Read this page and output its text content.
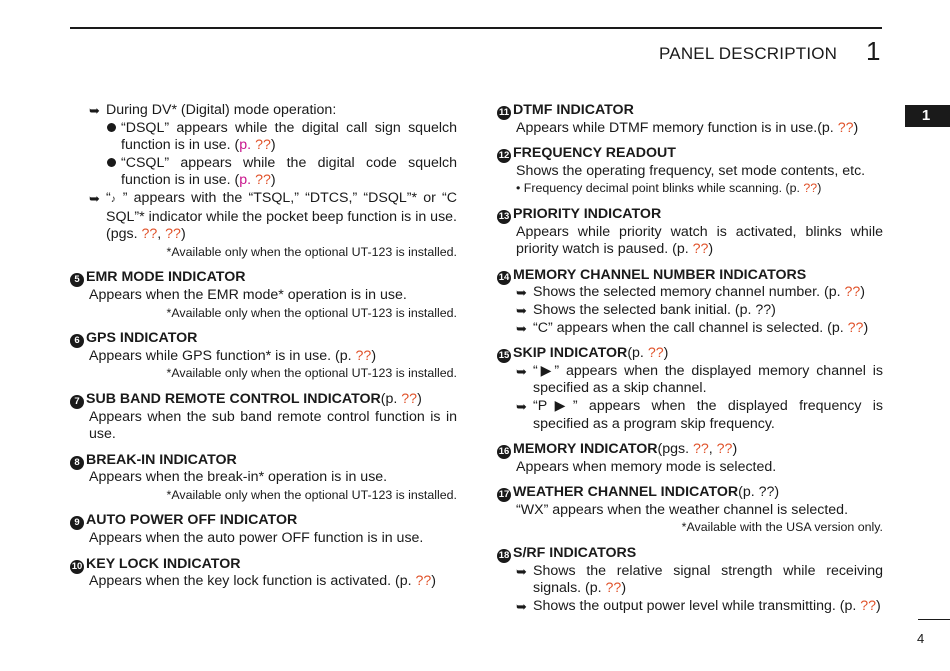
PANEL DESCRIPTION 1
1
4
➥ During DV* (Digital) mode operation:
“DSQL” appears while the digital call sign squelch function is in use. (p. ??)
“CSQL” appears while the digital code squelch function is in use. (p. ??)
➥ “♪ ” appears with the “TSQL,” “DTCS,” “DSQL”* or “C SQL”* indicator while the pocket beep function is in use. (pgs. ??, ??)
*Available only when the optional UT-123 is installed.
5 EMR MODE INDICATOR
Appears when the EMR mode* operation is in use.
*Available only when the optional UT-123 is installed.
6 GPS INDICATOR
Appears while GPS function* is in use. (p. ??)
*Available only when the optional UT-123 is installed.
7 SUB BAND REMOTE CONTROL INDICATOR (p. ??)
Appears when the sub band remote control function is in use.
8 BREAK-IN INDICATOR
Appears when the break-in* operation is in use.
*Available only when the optional UT-123 is installed.
9 AUTO POWER OFF INDICATOR
Appears when the auto power OFF function is in use.
10 KEY LOCK INDICATOR
Appears when the key lock function is activated. (p. ??)
11 DTMF INDICATOR
Appears while DTMF memory function is in use.(p. ??)
12 FREQUENCY READOUT
Shows the operating frequency, set mode contents, etc.
• Frequency decimal point blinks while scanning. (p. ??)
13 PRIORITY INDICATOR
Appears while priority watch is activated, blinks while priority watch is paused. (p. ??)
14 MEMORY CHANNEL NUMBER INDICATORS
➥ Shows the selected memory channel number. (p. ??)
➥ Shows the selected bank initial. (p. ??)
➥ “C” appears when the call channel is selected. (p. ??)
15 SKIP INDICATOR (p. ??)
➥ “▶” appears when the displayed memory channel is specified as a skip channel.
➥ “P▶” appears when the displayed frequency is specified as a program skip frequency.
16 MEMORY INDICATOR (pgs. ??, ??)
Appears when memory mode is selected.
17 WEATHER CHANNEL INDICATOR (p. ??)
“WX” appears when the weather channel is selected.
*Available with the USA version only.
18 S/RF INDICATORS
➥ Shows the relative signal strength while receiving signals. (p. ??)
➥ Shows the output power level while transmitting. (p. ??)
